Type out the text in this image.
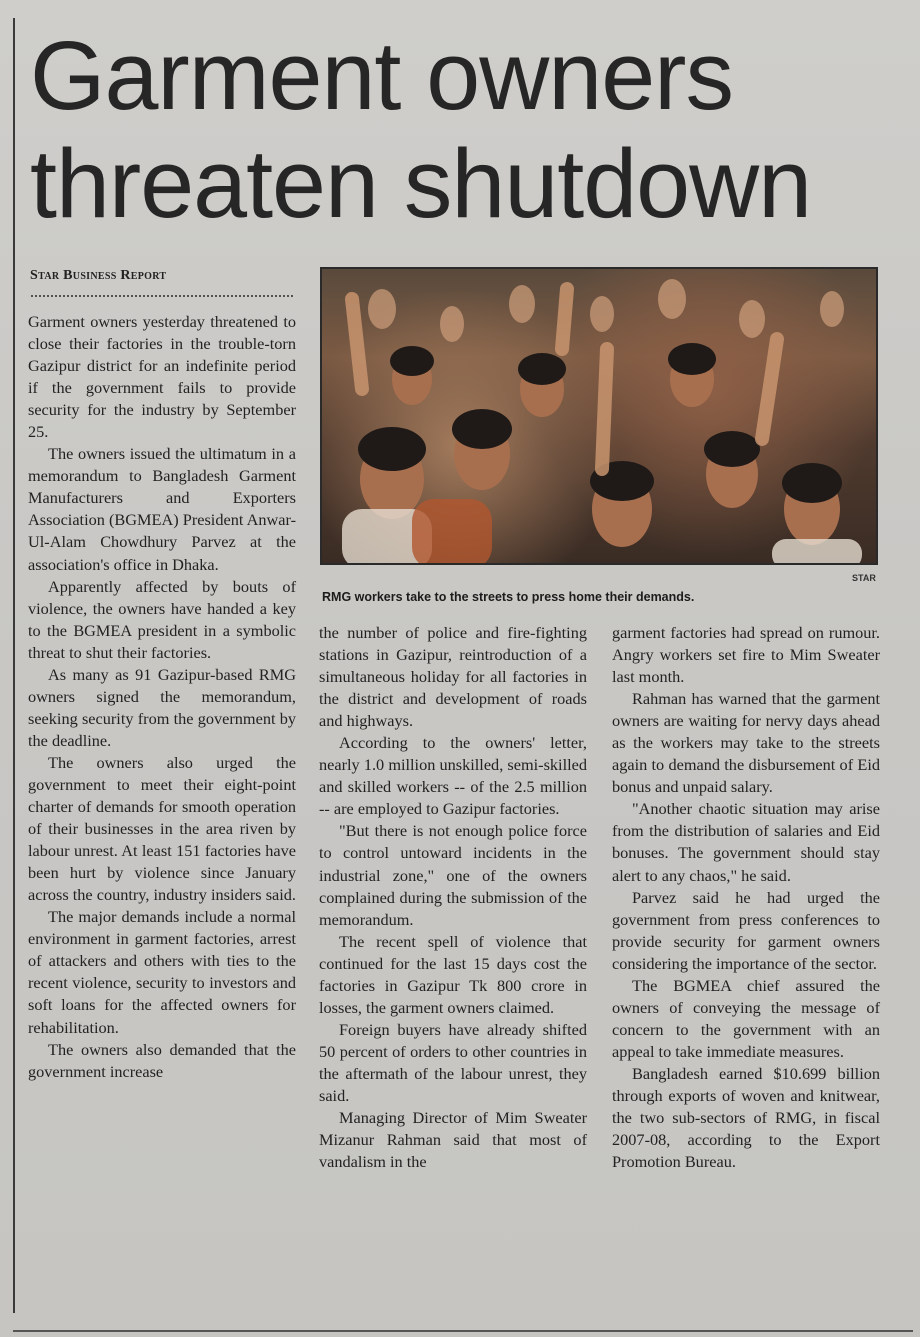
Garment owners
threaten shutdown
Star Business Report
STAR
RMG workers take to the streets to press home their demands.

Garment owners yesterday threatened to close their factories in the trouble-torn Gazipur district for an indefinite period if the government fails to provide security for the industry by September 25.

The owners issued the ultimatum in a memorandum to Bangladesh Garment Manufacturers and Exporters Association (BGMEA) President Anwar-Ul-Alam Chowdhury Parvez at the association's office in Dhaka.

Apparently affected by bouts of violence, the owners have handed a key to the BGMEA president in a symbolic threat to shut their factories.

As many as 91 Gazipur-based RMG owners signed the memorandum, seeking security from the government by the deadline.

The owners also urged the government to meet their eight-point charter of demands for smooth operation of their businesses in the area riven by labour unrest. At least 151 factories have been hurt by violence since January across the country, industry insiders said.

The major demands include a normal environment in garment factories, arrest of attackers and others with ties to the recent violence, security to investors and soft loans for the affected owners for rehabilitation.

The owners also demanded that the government increase

the number of police and fire-fighting stations in Gazipur, reintroduction of a simultaneous holiday for all factories in the district and development of roads and highways.

According to the owners' letter, nearly 1.0 million unskilled, semi-skilled and skilled workers -- of the 2.5 million -- are employed to Gazipur factories.

"But there is not enough police force to control untoward incidents in the industrial zone," one of the owners complained during the submission of the memorandum.

The recent spell of violence that continued for the last 15 days cost the factories in Gazipur Tk 800 crore in losses, the garment owners claimed.

Foreign buyers have already shifted 50 percent of orders to other countries in the aftermath of the labour unrest, they said.

Managing Director of Mim Sweater Mizanur Rahman said that most of vandalism in the

garment factories had spread on rumour. Angry workers set fire to Mim Sweater last month.

Rahman has warned that the garment owners are waiting for nervy days ahead as the workers may take to the streets again to demand the disbursement of Eid bonus and unpaid salary.

"Another chaotic situation may arise from the distribution of salaries and Eid bonuses. The government should stay alert to any chaos," he said.

Parvez said he had urged the government from press conferences to provide security for garment owners considering the importance of the sector.

The BGMEA chief assured the owners of conveying the message of concern to the government with an appeal to take immediate measures.

Bangladesh earned $10.699 billion through exports of woven and knitwear, the two sub-sectors of RMG, in fiscal 2007-08, according to the Export Promotion Bureau.
